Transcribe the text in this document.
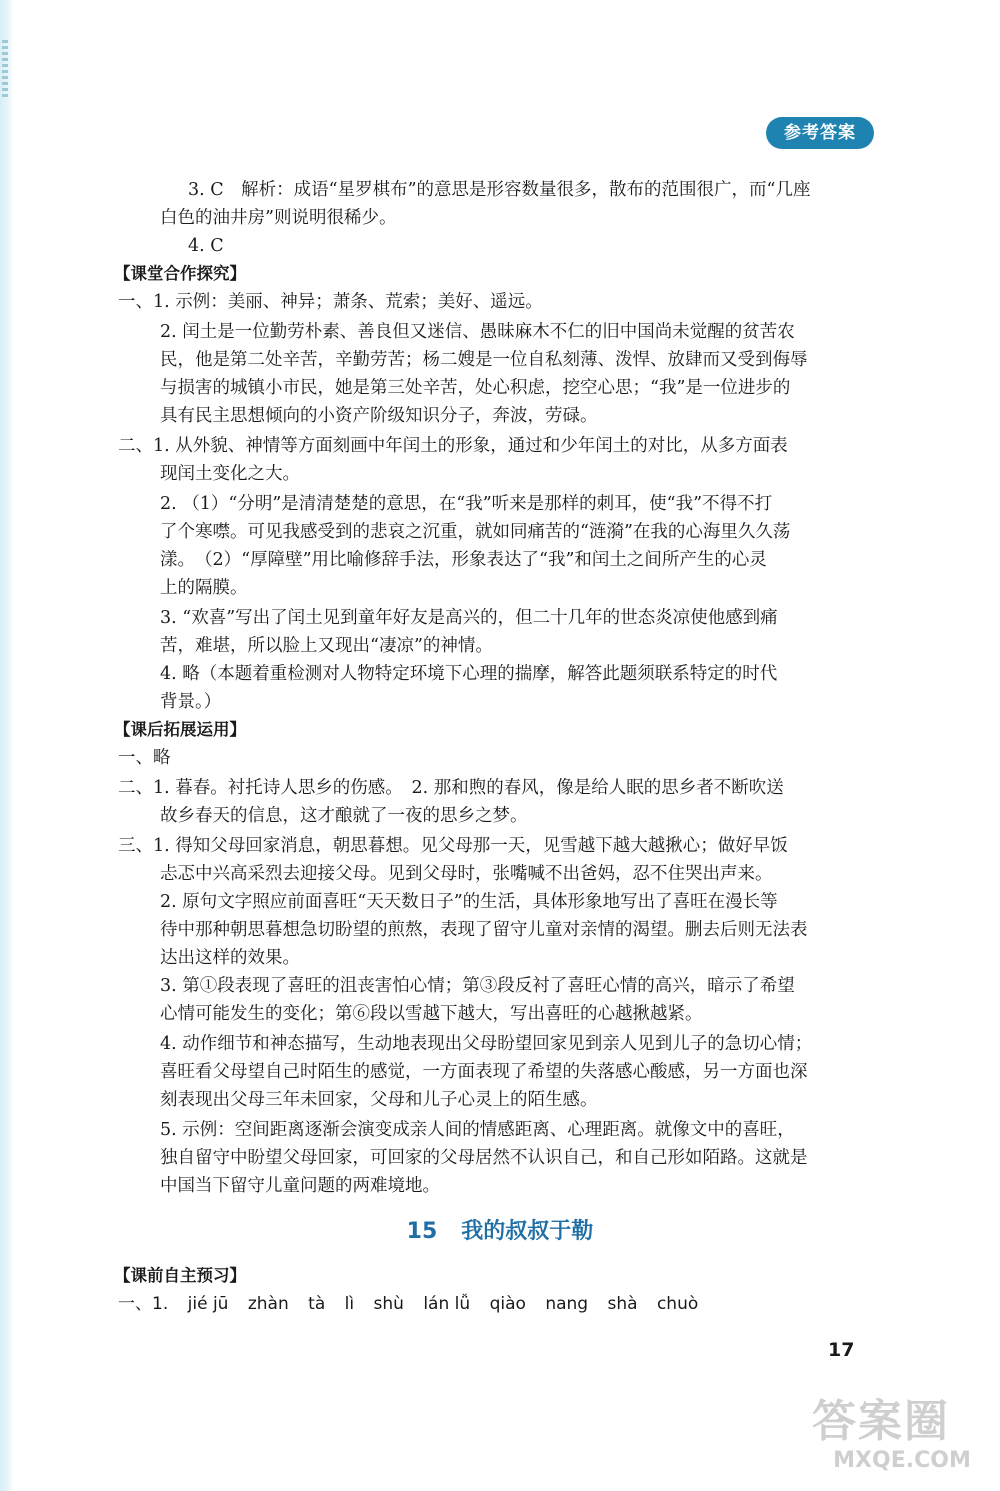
参考答案
3. C　解析：成语“星罗棋布”的意思是形容数量很多，散布的范围很广，而“几座
白色的油井房”则说明很稀少。
4. C
【课堂合作探究】
一、1. 示例：美丽、神异；萧条、荒索；美好、遥远。
2. 闰土是一位勤劳朴素、善良但又迷信、愚昧麻木不仁的旧中国尚未觉醒的贫苦农
民，他是第二处辛苦，辛勤劳苦；杨二嫂是一位自私刻薄、泼悍、放肆而又受到侮辱
与损害的城镇小市民，她是第三处辛苦，处心积虑，挖空心思；“我”是一位进步的
具有民主思想倾向的小资产阶级知识分子，奔波，劳碌。
二、1. 从外貌、神情等方面刻画中年闰土的形象，通过和少年闰土的对比，从多方面表
现闰土变化之大。
2. （1）“分明”是清清楚楚的意思，在“我”听来是那样的刺耳，使“我”不得不打
了个寒噤。可见我感受到的悲哀之沉重，就如同痛苦的“涟漪”在我的心海里久久荡
漾。　（2）“厚障壁”用比喻修辞手法，形象表达了“我”和闰土之间所产生的心灵
上的隔膜。
3. “欢喜”写出了闰土见到童年好友是高兴的，但二十几年的世态炎凉使他感到痛
苦，难堪，所以脸上又现出“凄凉”的神情。
4. 略（本题着重检测对人物特定环境下心理的揣摩，解答此题须联系特定的时代
背景。）
【课后拓展运用】
一、略
二、1. 暮春。衬托诗人思乡的伤感。　2. 那和煦的春风，像是给人眠的思乡者不断吹送
故乡春天的信息，这才酿就了一夜的思乡之梦。
三、1. 得知父母回家消息，朝思暮想。见父母那一天，见雪越下越大越揪心；做好早饭
忐忑中兴高采烈去迎接父母。见到父母时，张嘴喊不出爸妈，忍不住哭出声来。
2. 原句文字照应前面喜旺“天天数日子”的生活，具体形象地写出了喜旺在漫长等
待中那种朝思暮想急切盼望的煎熬，表现了留守儿童对亲情的渴望。删去后则无法表
达出这样的效果。
3. 第①段表现了喜旺的沮丧害怕心情；第③段反衬了喜旺心情的高兴，暗示了希望
心情可能发生的变化；第⑥段以雪越下越大，写出喜旺的心越揪越紧。
4. 动作细节和神态描写，生动地表现出父母盼望回家见到亲人见到儿子的急切心情；
喜旺看父母望自己时陌生的感觉，一方面表现了希望的失落感心酸感，另一方面也深
刻表现出父母三年未回家，父母和儿子心灵上的陌生感。
5. 示例：空间距离逐渐会演变成亲人间的情感距离、心理距离。就像文中的喜旺，
独自留守中盼望父母回家，可回家的父母居然不认识自己，和自己形如陌路。这就是
中国当下留守儿童问题的两难境地。
15 我的叔叔于勒
【课前自主预习】
一、1. jié jū zhàn tà lì shù lán lǚ qiào nang shà chuò
17
答案圈
MXQE.COM
